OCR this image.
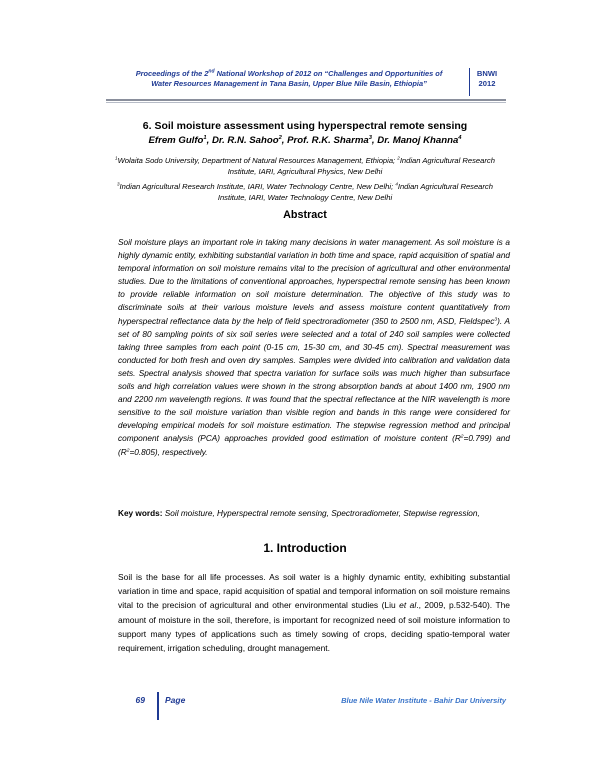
Proceedings of the 2nd National Workshop of 2012 on “Challenges and Opportunities of
Water Resources Management in Tana Basin, Upper Blue Nile Basin, Ethiopia”
BNWI
2012
6. Soil moisture assessment using hyperspectral remote sensing
Efrem Gulfo$^1$, Dr. R.N. Sahoo$^2$, Prof. R.K. Sharma$^3$, Dr. Manoj Khanna$^4$
$^1$Wolaita Sodo University, Department of Natural Resources Management, Ethiopia; $^2$Indian Agricultural Research Institute, IARI, Agricultural Physics, New Delhi
$^3$Indian Agricultural Research Institute, IARI, Water Technology Centre, New Delhi; $^4$Indian Agricultural Research Institute, IARI, Water Technology Centre, New Delhi
Abstract
Soil moisture plays an important role in taking many decisions in water management. As soil moisture is a highly dynamic entity, exhibiting substantial variation in both time and space, rapid acquisition of spatial and temporal information on soil moisture remains vital to the precision of agricultural and other environmental studies. Due to the limitations of conventional approaches, hyperspectral remote sensing has been known to provide reliable information on soil moisture determination. The objective of this study was to discriminate soils at their various moisture levels and assess moisture content quantitatively from hyperspectral reflectance data by the help of field spectroradiometer (350 to 2500 nm, ASD, Fieldspec$^3$). A set of 80 sampling points of six soil series were selected and a total of 240 soil samples were collected taking three samples from each point (0-15 cm, 15-30 cm, and 30-45 cm). Spectral measurement was conducted for both fresh and oven dry samples. Samples were divided into calibration and validation data sets. Spectral analysis showed that spectra variation for surface soils was much higher than subsurface soils and high correlation values were shown in the strong absorption bands at about 1400 nm, 1900 nm and 2200 nm wavelength regions. It was found that the spectral reflectance at the NIR wavelength is more sensitive to the soil moisture variation than visible region and bands in this range were considered for developing empirical models for soil moisture estimation. The stepwise regression method and principal component analysis (PCA) approaches provided good estimation of moisture content $(R^2=0.799)$ and $(R^2=0.805)$, respectively.
Key words: Soil moisture, Hyperspectral remote sensing, Spectroradiometer, Stepwise regression,
1. Introduction
Soil is the base for all life processes. As soil water is a highly dynamic entity, exhibiting substantial variation in time and space, rapid acquisition of spatial and temporal information on soil moisture remains vital to the precision of agricultural and other environmental studies (Liu et al., 2009, p.532-540). The amount of moisture in the soil, therefore, is important for recognized need of soil moisture information to support many types of applications such as timely sowing of crops, deciding spatio-temporal water requirement, irrigation scheduling, drought management.
69 Page	Blue Nile Water Institute - Bahir Dar University
